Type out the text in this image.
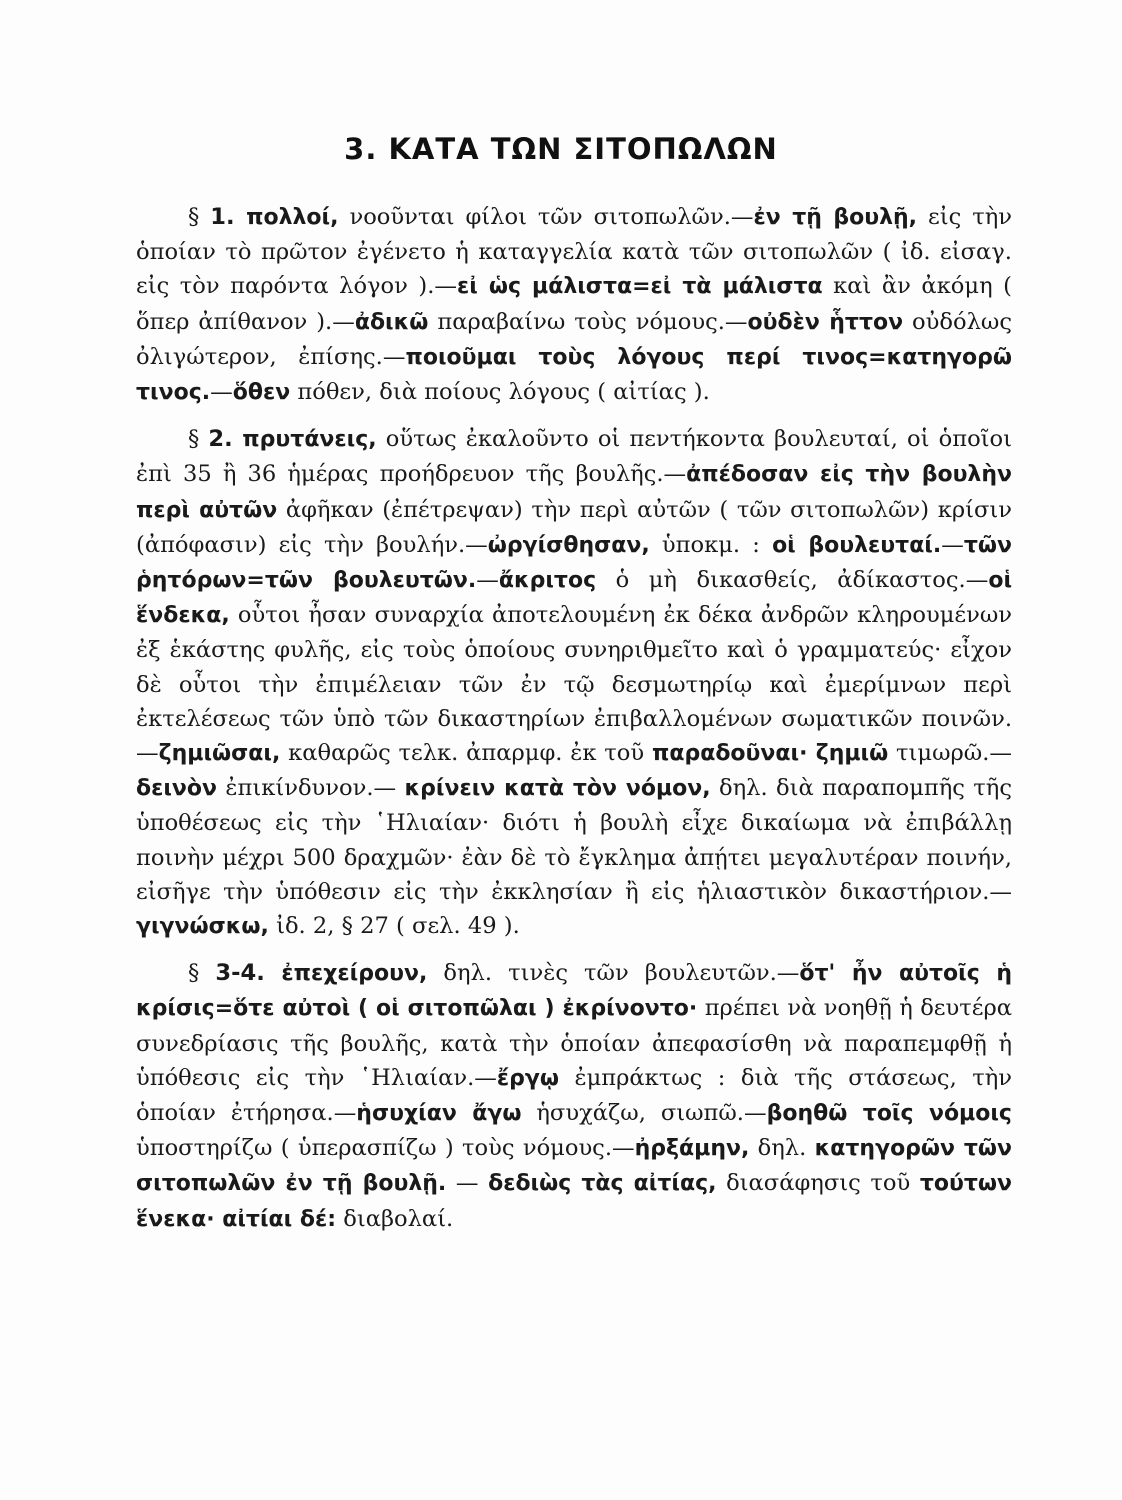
3. ΚΑΤΑ ΤΩΝ ΣΙΤΟΠΩΛΩΝ

§ 1. πολλοί, νοοῦνται φίλοι τῶν σιτοπωλῶν.—ἐν τῇ βουλῇ, εἰς τὴν ὁποίαν τὸ πρῶτον ἐγένετο ἡ καταγγελία κατὰ τῶν σιτοπωλῶν ( ἰδ. εἰσαγ. εἰς τὸν παρόντα λόγον ).—εἰ ὡς μάλιστα=εἰ τὰ μάλιστα καὶ ἂν ἀκόμη ( ὅπερ ἀπίθανον ).—ἀδικῶ παραβαίνω τοὺς νόμους.—οὐδὲν ἧττον οὐδόλως ὀλιγώτερον, ἐπίσης.—ποιοῦμαι τοὺς λόγους περί τινος=κατηγορῶ τινος.—ὅθεν πόθεν, διὰ ποίους λόγους ( αἰτίας ).

§ 2. πρυτάνεις, οὕτως ἐκαλοῦντο οἱ πεντήκοντα βουλευταί, οἱ ὁποῖοι ἐπὶ 35 ἢ 36 ἡμέρας προήδρευον τῆς βουλῆς.—ἀπέδοσαν εἰς τὴν βουλὴν περὶ αὐτῶν ἀφῆκαν (ἐπέτρεψαν) τὴν περὶ αὐτῶν ( τῶν σιτοπωλῶν) κρίσιν (ἀπόφασιν) εἰς τὴν βουλήν.—ὠργίσθησαν, ὑποκμ. : οἱ βουλευταί.—τῶν ῥητόρων=τῶν βουλευτῶν.—ἄκριτος ὁ μὴ δικασθείς, ἀδίκαστος.—οἱ ἕνδεκα, οὗτοι ἦσαν συναρχία ἀποτελουμένη ἐκ δέκα ἀνδρῶν κληρουμένων ἐξ ἑκάστης φυλῆς, εἰς τοὺς ὁποίους συνηριθμεῖτο καὶ ὁ γραμματεύς· εἶχον δὲ οὗτοι τὴν ἐπιμέλειαν τῶν ἐν τῷ δεσμωτηρίῳ καὶ ἐμερίμνων περὶ ἐκτελέσεως τῶν ὑπὸ τῶν δικαστηρίων ἐπιβαλλομένων σωματικῶν ποινῶν.—ζημιῶσαι, καθαρῶς τελκ. ἀπαρμφ. ἐκ τοῦ παραδοῦναι· ζημιῶ τιμωρῶ.—δεινὸν ἐπικίνδυνον.— κρίνειν κατὰ τὸν νόμον, δηλ. διὰ παραπομπῆς τῆς ὑποθέσεως εἰς τὴν ῾Ηλιαίαν· διότι ἡ βουλὴ εἶχε δικαίωμα νὰ ἐπιβάλλῃ ποινὴν μέχρι 500 δραχμῶν· ἐὰν δὲ τὸ ἔγκλημα ἀπῄτει μεγαλυτέραν ποινήν, εἰσῆγε τὴν ὑπόθεσιν εἰς τὴν ἐκκλησίαν ἢ εἰς ἡλιαστικὸν δικαστήριον.—γιγνώσκω, ἰδ. 2, § 27 ( σελ. 49 ).

§ 3-4. ἐπεχείρουν, δηλ. τινὲς τῶν βουλευτῶν.—ὅτ' ἦν αὐτοῖς ἡ κρίσις=ὅτε αὐτοὶ ( οἱ σιτοπῶλαι ) ἐκρίνοντο· πρέπει νὰ νοηθῇ ἡ δευτέρα συνεδρίασις τῆς βουλῆς, κατὰ τὴν ὁποίαν ἀπεφασίσθη νὰ παραπεμφθῇ ἡ ὑπόθεσις εἰς τὴν ῾Ηλιαίαν.—ἔργῳ ἐμπράκτως : διὰ τῆς στάσεως, τὴν ὁποίαν ἐτήρησα.—ἡσυχίαν ἄγω ἡσυχάζω, σιωπῶ.—βοηθῶ τοῖς νόμοις ὑποστηρίζω ( ὑπερασπίζω ) τοὺς νόμους.—ἠρξάμην, δηλ. κατηγορῶν τῶν σιτοπωλῶν ἐν τῇ βουλῇ. — δεδιὼς τὰς αἰτίας, διασάφησις τοῦ τούτων ἕνεκα· αἰτίαι δέ: διαβολαί.
